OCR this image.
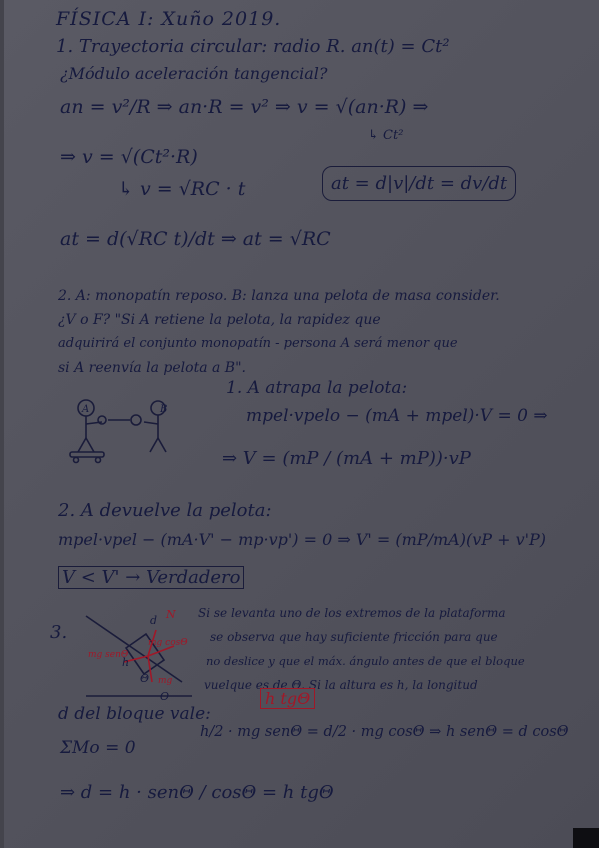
FÍSICA I: Xuño 2019.
1. Trayectoria circular: radio R. an(t) = Ct²
¿Módulo aceleración tangencial?
an = v²/R ⇒ an·R = v² ⇒ v = √(an·R) ⇒
↳ Ct²
⇒ v = √(Ct²·R)
↳ v = √RC · t	at = d|v|/dt = dv/dt
at = d(√RC t)/dt ⇒ at = √RC
2. A: monopatín reposo. B: lanza una pelota de masa consider.
¿V o F? "Si A retiene la pelota, la rapidez que
adquirirá el conjunto monopatín - persona A será menor que
si A reenvía la pelota a B".
A	B
1. A atrapa la pelota:
mpel·vpelo − (mA + mpel)·V = 0 ⇒
⇒ V = (mP / (mA + mP))·vP
2. A devuelve la pelota:
mpel·vpel − (mA·V' − mp·vp') = 0 ⇒ V' = (mP/mA)(vP + v'P)
V < V' → Verdadero
3.
d N
mg senΘ
mg cosΘ
mg
h
Θ
O
Si se levanta uno de los extremos de la plataforma
se observa que hay suficiente fricción para que
no deslice y que el máx. ángulo antes de que el bloque
vuelque es de Θ. Si la altura es h, la longitud
d del bloque vale:
h tgΘ
ΣMo = 0
h/2 · mg senΘ = d/2 · mg cosΘ ⇒ h senΘ = d cosΘ
⇒ d = h · senΘ / cosΘ = h tgΘ
